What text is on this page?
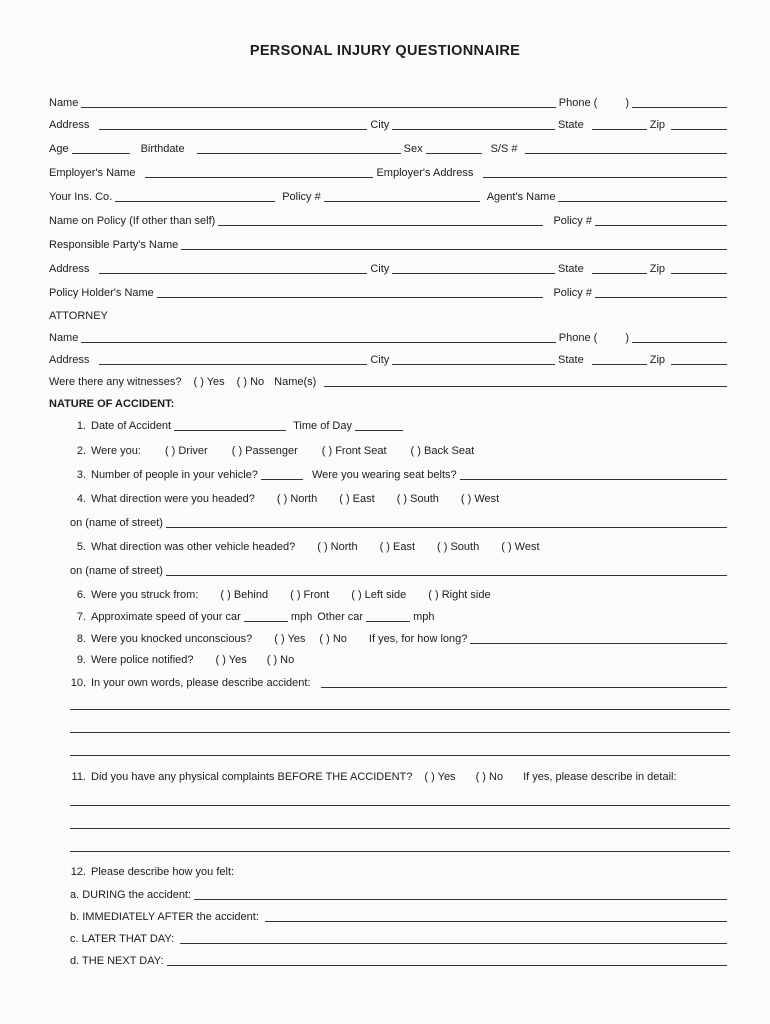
PERSONAL INJURY QUESTIONNAIRE
Name	Phone (	)
Address	City	State	Zip
Age	Birthdate	Sex	S/S #
Employer's Name	Employer's Address
Your Ins. Co.	Policy #	Agent's Name
Name on Policy (If other than self)	Policy #
Responsible Party's Name
Address	City	State	Zip
Policy Holder's Name	Policy #
ATTORNEY
Name	Phone (	)
Address	City	State	Zip
Were there any witnesses? ( ) Yes ( ) No Name(s)
NATURE OF ACCIDENT:
1. Date of Accident	Time of Day
2. Were you: ( ) Driver ( ) Passenger ( ) Front Seat ( ) Back Seat
3. Number of people in your vehicle?	Were you wearing seat belts?
4. What direction were you headed? ( ) North ( ) East ( ) South ( ) West
on (name of street)
5. What direction was other vehicle headed? ( ) North ( ) East ( ) South ( ) West
on (name of street)
6. Were you struck from: ( ) Behind ( ) Front ( ) Left side ( ) Right side
7. Approximate speed of your car	mph Other car	mph
8. Were you knocked unconscious? ( ) Yes ( ) No If yes, for how long?
9. Were police notified? ( ) Yes ( ) No
10. In your own words, please describe accident:
11. Did you have any physical complaints BEFORE THE ACCIDENT? ( ) Yes ( ) No If yes, please describe in detail:
12. Please describe how you felt:
a. DURING the accident:
b. IMMEDIATELY AFTER the accident:
c. LATER THAT DAY:
d. THE NEXT DAY:
